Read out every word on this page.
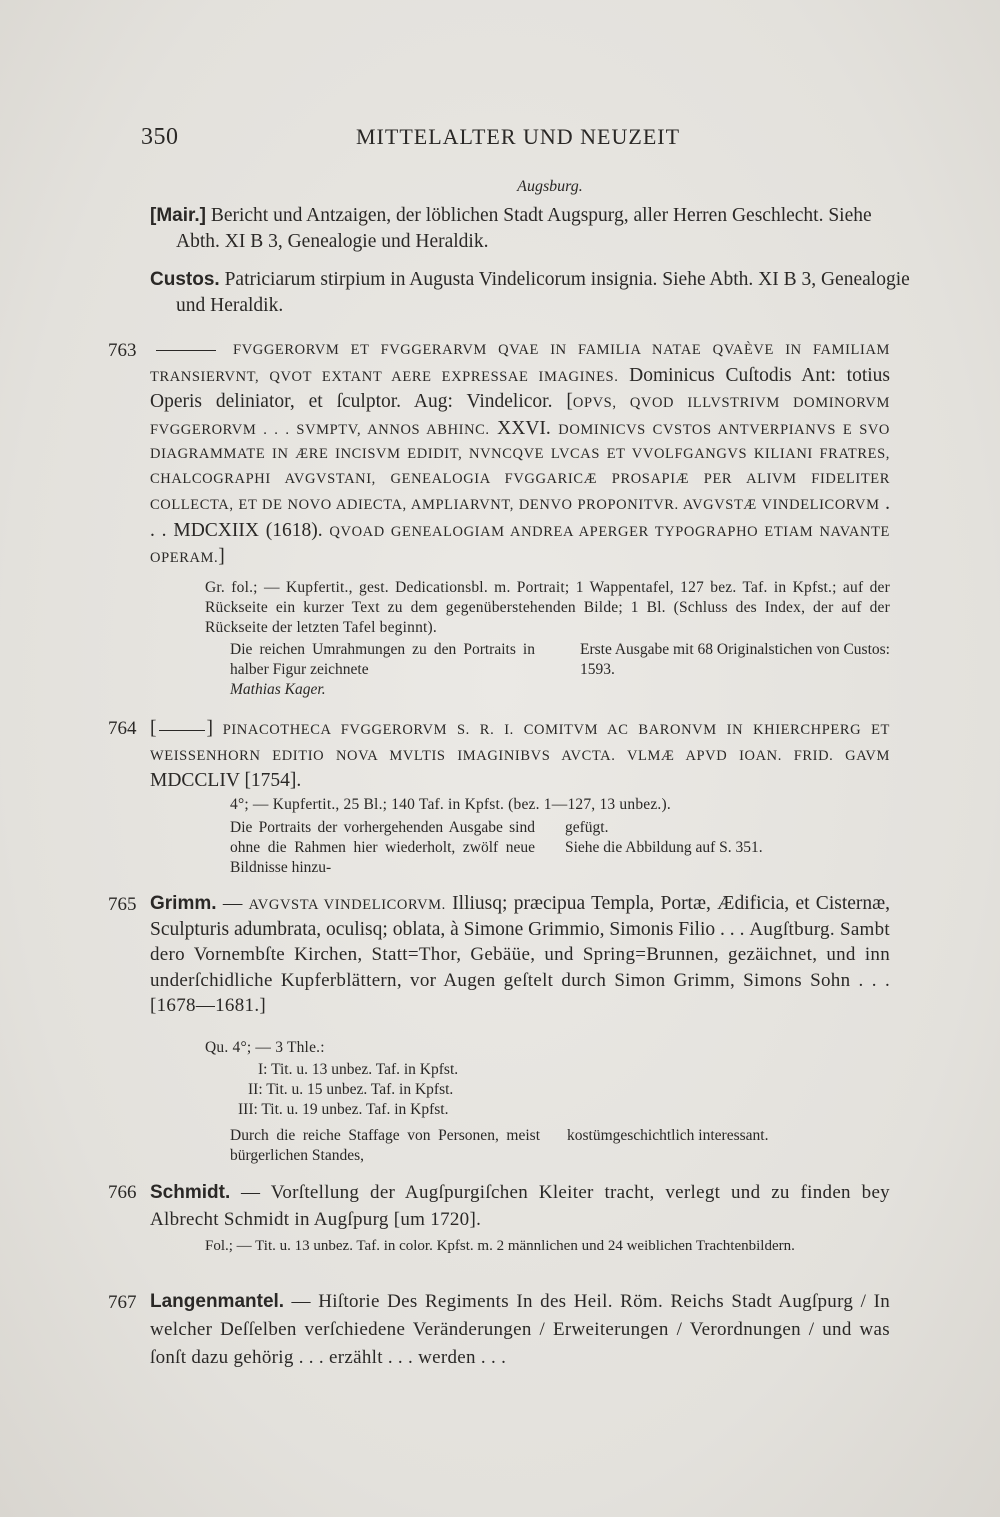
350	MITTELALTER UND NEUZEIT
Augsburg.

[Mair.] Bericht und Antzaigen, der löblichen Stadt Augspurg, aller Herren Geschlecht. Siehe Abth. XI B 3, Genealogie und Heraldik.

Custos. Patriciarum stirpium in Augusta Vindelicorum insignia. Siehe Abth. XI B 3, Genealogie und Heraldik.

763	FVGGERORVM ET FVGGERARVM QVAE IN FAMILIA NATAE QVAÈVE IN FAMILIAM TRANSIERVNT, QVOT EXTANT AERE EXPRESSAE IMAGINES. Dominicus Cuſtodis Ant: totius Operis deliniator, et ſculptor. Aug: Vindelicor. [OPVS, QVOD ILLVSTRIVM DOMINORVM FVGGERORVM . . . SVMPTV, ANNOS ABHINC. XXVI. DOMINICVS CVSTOS ANTVERPIANVS E SVO DIAGRAMMATE IN ÆRE INCISVM EDIDIT, NVNCQVE LVCAS ET VVOLFGANGVS KILIANI FRATRES, CHALCOGRAPHI AVGVSTANI, GENEALOGIA FVGGARICÆ PROSAPIÆ PER ALIVM FIDELITER COLLECTA, ET DE NOVO ADIECTA, AMPLIARVNT, DENVO PROPONITVR. AVGVSTÆ VINDELICORVM . . . MDCXIIX (1618). QVOAD GENEALOGIAM ANDREA APERGER TYPOGRAPHO ETIAM NAVANTE OPERAM.]

Gr. fol.; — Kupfertit., gest. Dedicationsbl. m. Portrait; 1 Wappentafel, 127 bez. Taf. in Kpfst.; auf der Rückseite ein kurzer Text zu dem gegenüberstehenden Bilde; 1 Bl. (Schluss des Index, der auf der Rückseite der letzten Tafel beginnt).

Die reichen Umrahmungen zu den Portraits in halber Figur zeichnete
Mathias Kager.
Erste Ausgabe mit 68 Originalstichen von Custos: 1593.
764 [	] PINACOTHECA FVGGERORVM S. R. I. COMITVM AC BARONVM IN KHIERCHPERG ET WEISSENHORN EDITIO NOVA MVLTIS IMAGINIBVS AVCTA. VLMÆ APVD IOAN. FRID. GAVM MDCCLIV [1754].

4°; — Kupfertit., 25 Bl.; 140 Taf. in Kpfst. (bez. 1—127, 13 unbez.).

Die Portraits der vorhergehenden Ausgabe sind ohne die Rahmen hier wiederholt, zwölf neue Bildnisse hinzu-
gefügt.
Siehe die Abbildung auf S. 351.
765 Grimm. — AVGVSTA VINDELICORVM. Illiusq; præcipua Templa, Portæ, Ædificia, et Cisternæ, Sculpturis adumbrata, oculisq; oblata, à Simone Grimmio, Simonis Filio . . . Augſtburg. Sambt dero Vornembſte Kirchen, Statt=Thor, Gebäüe, und Spring=Brunnen, gezäichnet, und inn underſchidliche Kupferblättern, vor Augen geſtelt durch Simon Grimm, Simons Sohn . . . [1678—1681.]

Qu. 4°; — 3 Thle.:

I: Tit. u. 13 unbez. Taf. in Kpfst.
II: Tit. u. 15 unbez. Taf. in Kpfst.
III: Tit. u. 19 unbez. Taf. in Kpfst.
Durch die reiche Staffage von Personen, meist bürgerlichen Standes,
kostümgeschichtlich interessant.
766 Schmidt. — Vorſtellung der Augſpurgiſchen Kleiter tracht, verlegt und zu finden bey Albrecht Schmidt in Augſpurg [um 1720].

Fol.; — Tit. u. 13 unbez. Taf. in color. Kpfst. m. 2 männlichen und 24 weiblichen Trachtenbildern.

767 Langenmantel. — Hiſtorie Des Regiments In des Heil. Röm. Reichs Stadt Augſpurg / In welcher Deſſelben verſchiedene Veränderungen / Erweiterungen / Verordnungen / und was ſonſt dazu gehörig . . . erzählt . . . werden . . .
